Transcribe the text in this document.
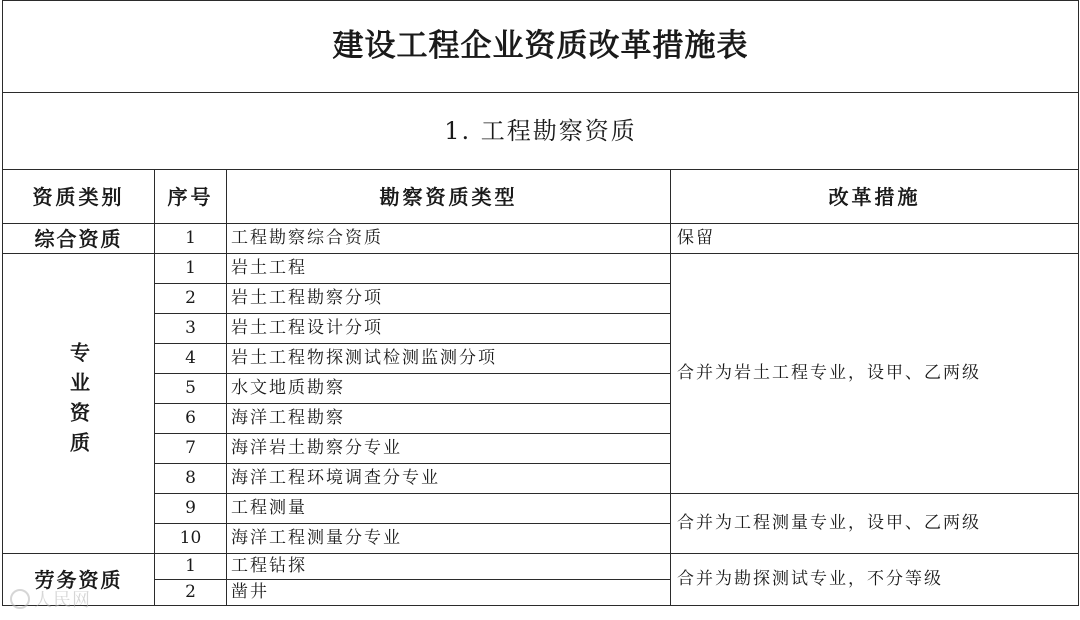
建设工程企业资质改革措施表			
1. 工程勘察资质			
资质类别	序号	勘察资质类型	改革措施
综合资质	1	工程勘察综合资质	保留
专业资质	1	岩土工程	合并为岩土工程专业，设甲、乙两级
	2	岩土工程勘察分项	
	3	岩土工程设计分项	
	4	岩土工程物探测试检测监测分项	
	5	水文地质勘察	
	6	海洋工程勘察	
	7	海洋岩土勘察分专业	
	8	海洋工程环境调查分专业	
	9	工程测量	合并为工程测量专业，设甲、乙两级
	10	海洋工程测量分专业	
劳务资质	1	工程钻探	合并为勘探测试专业，不分等级
	2	凿井	
人民网
